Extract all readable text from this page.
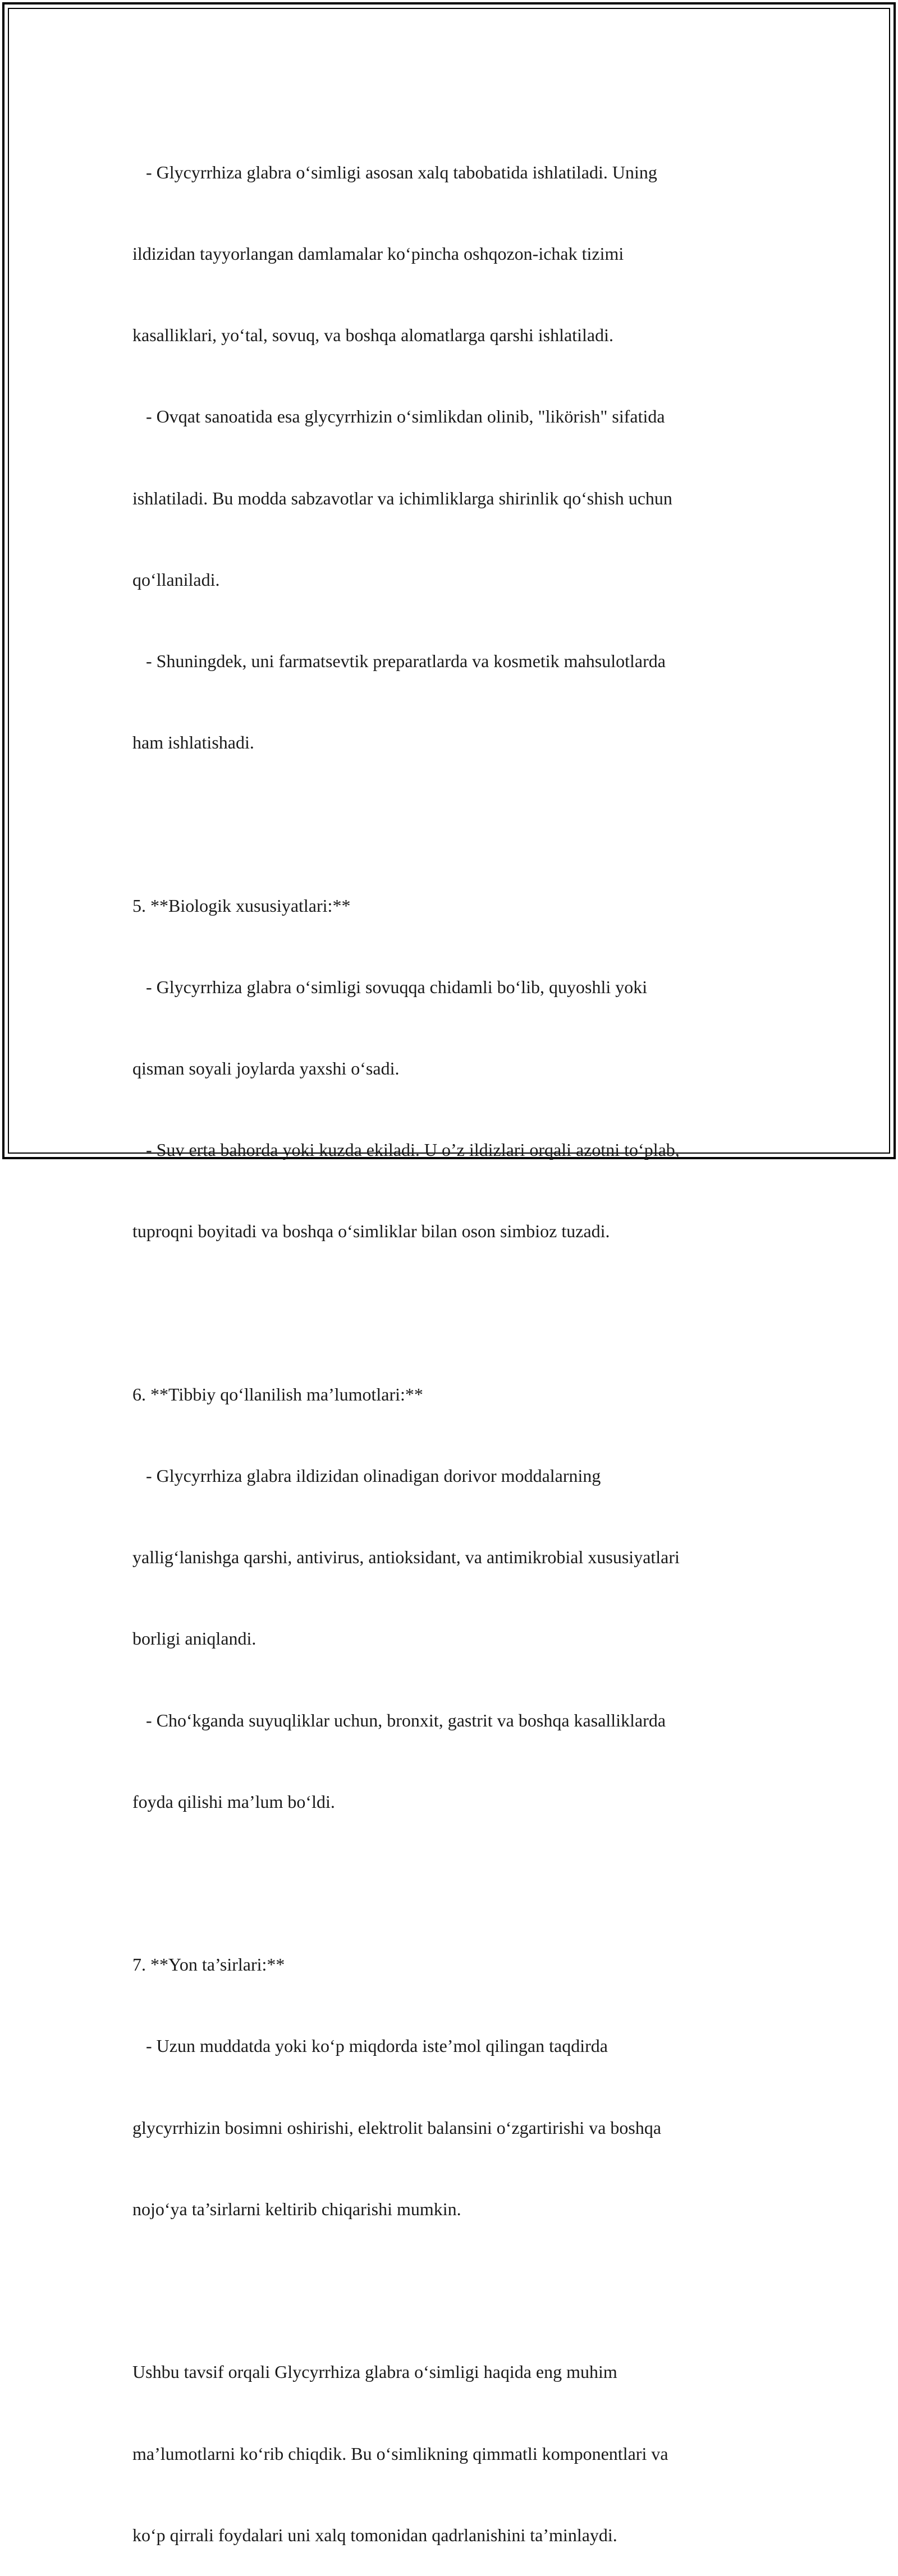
- Glycyrrhiza glabra o‘simligi asosan xalq tabobatida ishlatiladi. Uning

ildizidan tayyorlangan damlamalar ko‘pincha oshqozon-ichak tizimi

kasalliklari, yo‘tal, sovuq, va boshqa alomatlarga qarshi ishlatiladi.

- Ovqat sanoatida esa glycyrrhizin o‘simlikdan olinib, "likörish" sifatida

ishlatiladi. Bu modda sabzavotlar va ichimliklarga shirinlik qo‘shish uchun

qo‘llaniladi.

- Shuningdek, uni farmatsevtik preparatlarda va kosmetik mahsulotlarda

ham ishlatishadi.

5. **Biologik xususiyatlari:**

- Glycyrrhiza glabra o‘simligi sovuqqa chidamli bo‘lib, quyoshli yoki

qisman soyali joylarda yaxshi o‘sadi.

- Suv erta bahorda yoki kuzda ekiladi. U o’z ildizlari orqali azotni to‘plab,

tuproqni boyitadi va boshqa o‘simliklar bilan oson simbioz tuzadi.

6. **Tibbiy qo‘llanilish ma’lumotlari:**

- Glycyrrhiza glabra ildizidan olinadigan dorivor moddalarning

yallig‘lanishga qarshi, antivirus, antioksidant, va antimikrobial xususiyatlari

borligi aniqlandi.

- Cho‘kganda suyuqliklar uchun, bronxit, gastrit va boshqa kasalliklarda

foyda qilishi ma’lum bo‘ldi.

7. **Yon ta’sirlari:**

- Uzun muddatda yoki ko‘p miqdorda iste’mol qilingan taqdirda

glycyrrhizin bosimni oshirishi, elektrolit balansini o‘zgartirishi va boshqa

nojo‘ya ta’sirlarni keltirib chiqarishi mumkin.

Ushbu tavsif orqali Glycyrrhiza glabra o‘simligi haqida eng muhim

ma’lumotlarni ko‘rib chiqdik. Bu o‘simlikning qimmatli komponentlari va

ko‘p qirrali foydalari uni xalq tomonidan qadrlanishini ta’minlaydi.
